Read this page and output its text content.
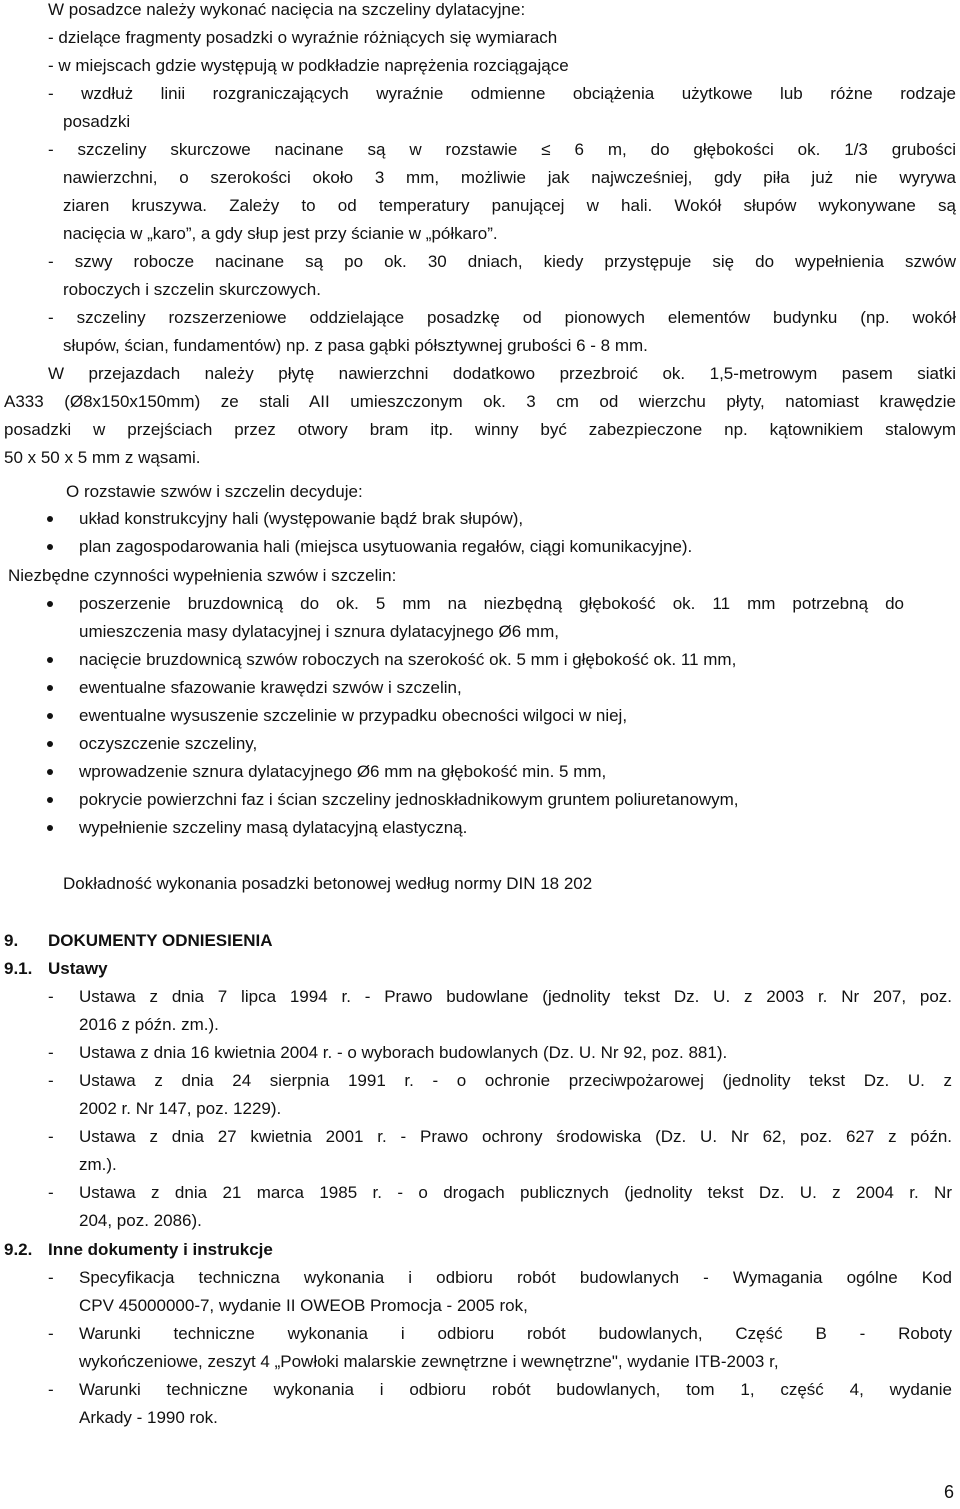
W posadzce należy wykonać nacięcia na szczeliny dylatacyjne:
- dzielące fragmenty posadzki o wyraźnie różniących się wymiarach
- w miejscach gdzie występują w podkładzie naprężenia rozciągające
- wzdłuż linii rozgraniczających wyraźnie odmienne obciążenia użytkowe lub różne rodzaje
posadzki
- szczeliny skurczowe nacinane są w rozstawie ≤ 6 m, do głębokości ok. 1/3 grubości
nawierzchni, o szerokości około 3 mm, możliwie jak najwcześniej, gdy piła już nie wyrywa
ziaren kruszywa. Zależy to od temperatury panującej w hali. Wokół słupów wykonywane są
nacięcia w „karo”, a gdy słup jest przy ścianie w „półkaro”.
- szwy robocze nacinane są po ok. 30 dniach, kiedy przystępuje się do wypełnienia szwów
roboczych i szczelin skurczowych.
- szczeliny rozszerzeniowe oddzielające posadzkę od pionowych elementów budynku (np. wokół
słupów, ścian, fundamentów) np. z pasa gąbki półsztywnej grubości 6 - 8 mm.
W przejazdach należy płytę nawierzchni dodatkowo przezbroić ok. 1,5-metrowym pasem siatki
A333 (Ø8x150x150mm) ze stali AII umieszczonym ok. 3 cm od wierzchu płyty, natomiast krawędzie
posadzki w przejściach przez otwory bram itp. winny być zabezpieczone np. kątownikiem stalowym
50 x 50 x 5 mm z wąsami.
O rozstawie szwów i szczelin decyduje:
układ konstrukcyjny hali (występowanie bądź brak słupów),
plan zagospodarowania hali (miejsca usytuowania regałów, ciągi komunikacyjne).
Niezbędne czynności wypełnienia szwów i szczelin:
poszerzenie bruzdownicą do ok. 5 mm na niezbędną głębokość ok. 11 mm potrzebną do
umieszczenia masy dylatacyjnej i sznura dylatacyjnego Ø6 mm,
nacięcie bruzdownicą szwów roboczych na szerokość ok. 5 mm i głębokość ok. 11 mm,
ewentualne sfazowanie krawędzi szwów i szczelin,
ewentualne wysuszenie szczelinie w przypadku obecności wilgoci w niej,
oczyszczenie szczeliny,
wprowadzenie sznura dylatacyjnego Ø6 mm na głębokość min. 5 mm,
pokrycie powierzchni faz i ścian szczeliny jednoskładnikowym gruntem poliuretanowym,
wypełnienie szczeliny masą dylatacyjną elastyczną.
Dokładność wykonania posadzki betonowej według normy DIN 18 202
9. DOKUMENTY ODNIESIENIA
9.1. Ustawy
- Ustawa z dnia 7 lipca 1994 r. - Prawo budowlane (jednolity tekst Dz. U. z 2003 r. Nr 207, poz.
2016 z późn. zm.).
- Ustawa z dnia 16 kwietnia 2004 r. - o wyborach budowlanych (Dz. U. Nr 92, poz. 881).
- Ustawa z dnia 24 sierpnia 1991 r. - o ochronie przeciwpożarowej (jednolity tekst Dz. U. z
2002 r. Nr 147, poz. 1229).
- Ustawa z dnia 27 kwietnia 2001 r. - Prawo ochrony środowiska (Dz. U. Nr 62, poz. 627 z późn.
zm.).
- Ustawa z dnia 21 marca 1985 r. - o drogach publicznych (jednolity tekst Dz. U. z 2004 r. Nr
204, poz. 2086).
9.2. Inne dokumenty i instrukcje
- Specyfikacja techniczna wykonania i odbioru robót budowlanych - Wymagania ogólne Kod
CPV 45000000-7, wydanie II OWEOB Promocja - 2005 rok,
- Warunki techniczne wykonania i odbioru robót budowlanych, Część B - Roboty
wykończeniowe, zeszyt 4 „Powłoki malarskie zewnętrzne i wewnętrzne", wydanie ITB-2003 r,
- Warunki techniczne wykonania i odbioru robót budowlanych, tom 1, część 4, wydanie
Arkady - 1990 rok.
6
